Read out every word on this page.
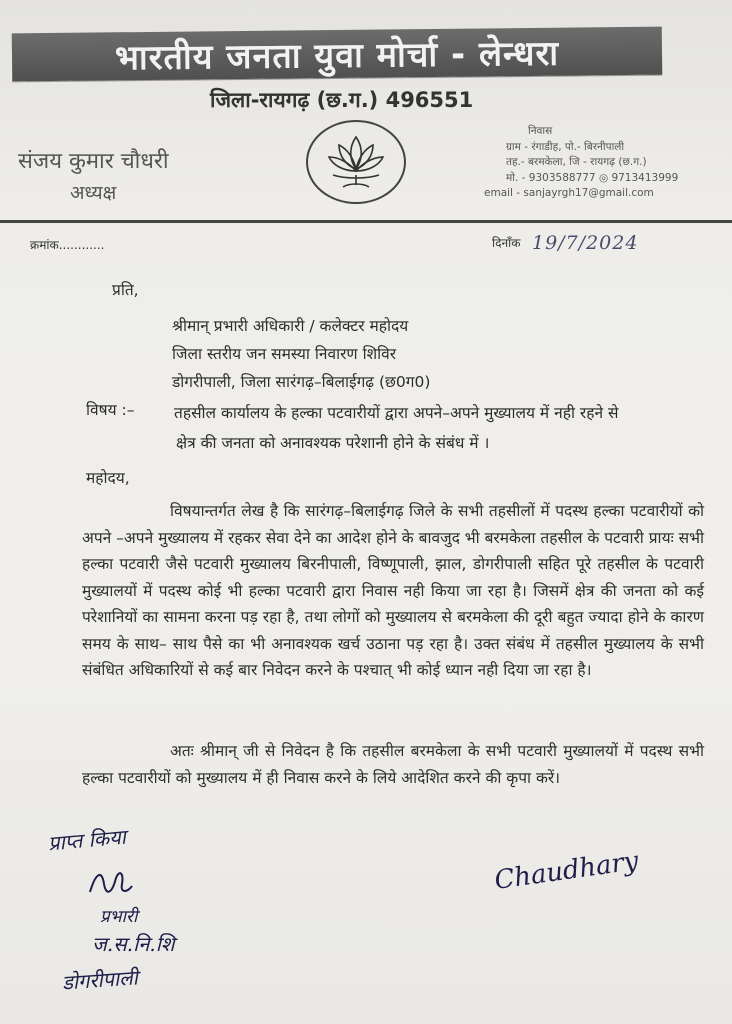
भारतीय जनता युवा मोर्चा - लेन्धरा
जिला-रायगढ़ (छ.ग.) 496551
संजय कुमार चौधरी
अध्यक्ष
निवास
ग्राम - रंगाडीह, पो.- बिरनीपाली
तह.- बरमकेला, जि - रायगढ़ (छ.ग.)
मो. - 9303588777 ◎ 9713413999
email - sanjayrgh17@gmail.com
क्रमांक............	दिनाँक 19/7/2024
प्रति,
श्रीमान् प्रभारी अधिकारी / कलेक्टर महोदय
जिला स्तरीय जन समस्या निवारण शिविर
डोगरीपाली, जिला सारंगढ़–बिलाईगढ़ (छ0ग0)
विषय :–	तहसील कार्यालय के हल्का पटवारीयों द्वारा अपने–अपने मुख्यालय में नही रहने से
क्षेत्र की जनता को अनावश्यक परेशानी होने के संबंध में ।
महोदय,
विषयान्तर्गत लेख है कि सारंगढ़–बिलाईगढ़ जिले के सभी तहसीलों में पदस्थ हल्का पटवारीयों को अपने –अपने मुख्यालय में रहकर सेवा देने का आदेश होने के बावजुद भी बरमकेला तहसील के पटवारी प्रायः सभी हल्का पटवारी जैसे पटवारी मुख्यालय बिरनीपाली, विष्णूपाली, झाल, डोगरीपाली सहित पूरे तहसील के पटवारी मुख्यालयों में पदस्थ कोई भी हल्का पटवारी द्वारा निवास नही किया जा रहा है। जिसमें क्षेत्र की जनता को कई परेशानियों का सामना करना पड़ रहा है, तथा लोगों को मुख्यालय से बरमकेला की दूरी बहुत ज्यादा होने के कारण समय के साथ– साथ पैसे का भी अनावश्यक खर्च उठाना पड़ रहा है। उक्त संबंध में तहसील मुख्यालय के सभी संबंधित अधिकारियों से कई बार निवेदन करने के पश्चात् भी कोई ध्यान नही दिया जा रहा है।
अतः श्रीमान् जी से निवेदन है कि तहसील बरमकेला के सभी पटवारी मुख्यालयों में पदस्थ सभी हल्का पटवारीयों को मुख्यालय में ही निवास करने के लिये आदेशित करने की कृपा करें।
प्राप्त किया
प्रभारी
ज.स.नि.शि
डोगरीपाली
Chaudhary
